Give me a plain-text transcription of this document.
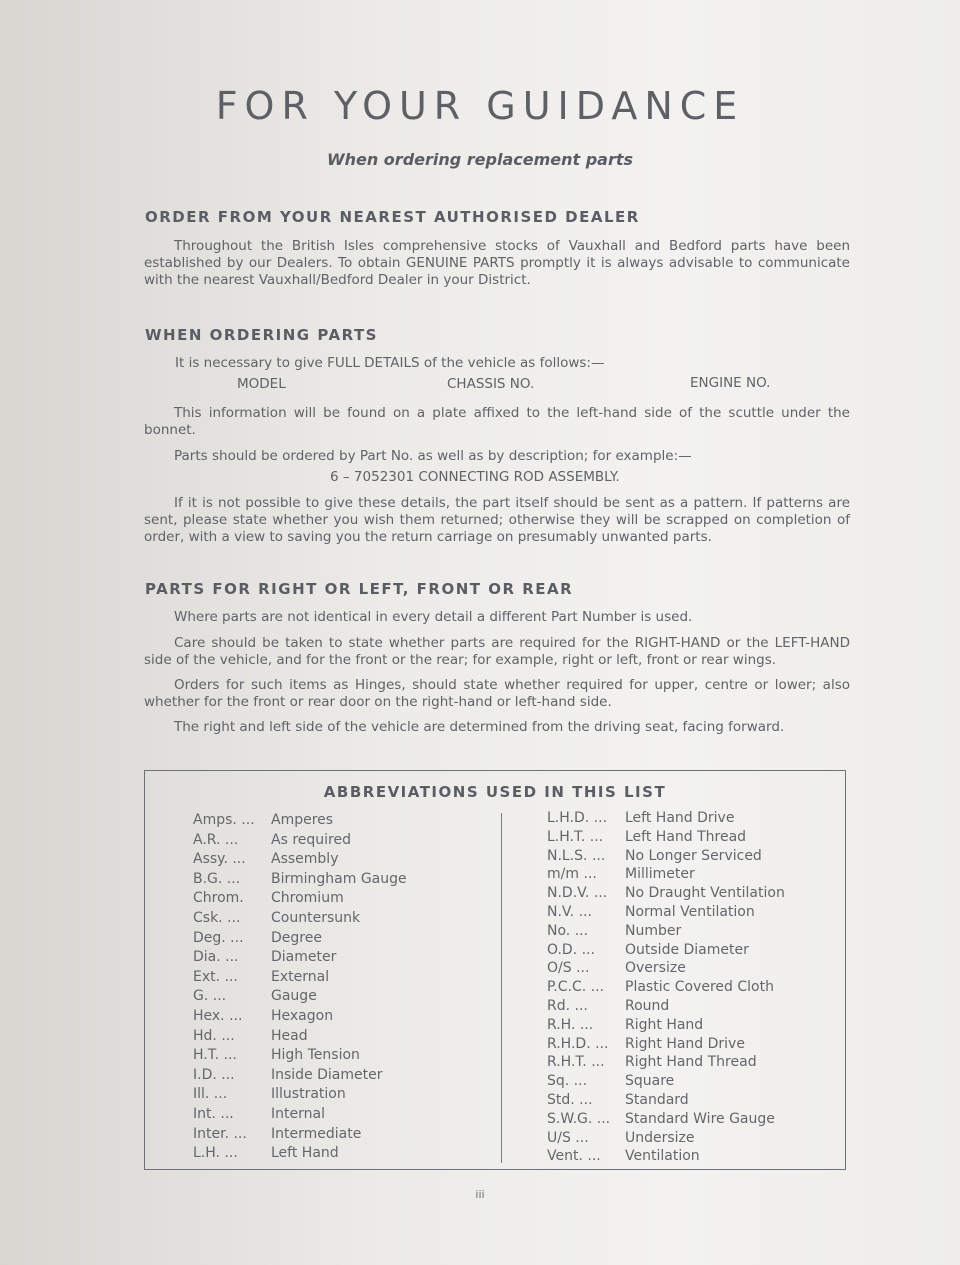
FOR YOUR GUIDANCE
When ordering replacement parts
ORDER FROM YOUR NEAREST AUTHORISED DEALER

Throughout the British Isles comprehensive stocks of Vauxhall and Bedford parts have been established by our Dealers. To obtain GENUINE PARTS promptly it is always advisable to communicate with the nearest Vauxhall/Bedford Dealer in your District.

WHEN ORDERING PARTS

It is necessary to give FULL DETAILS of the vehicle as follows:—

MODEL	CHASSIS NO.	ENGINE NO.

This information will be found on a plate affixed to the left-hand side of the scuttle under the bonnet.

Parts should be ordered by Part No. as well as by description; for example:—

6 – 7052301 CONNECTING ROD ASSEMBLY.

If it is not possible to give these details, the part itself should be sent as a pattern. If patterns are sent, please state whether you wish them returned; otherwise they will be scrapped on completion of order, with a view to saving you the return carriage on presumably unwanted parts.

PARTS FOR RIGHT OR LEFT, FRONT OR REAR

Where parts are not identical in every detail a different Part Number is used.

Care should be taken to state whether parts are required for the RIGHT-HAND or the LEFT-HAND side of the vehicle, and for the front or the rear; for example, right or left, front or rear wings.

Orders for such items as Hinges, should state whether required for upper, centre or lower; also whether for the front or rear door on the right-hand or left-hand side.

The right and left side of the vehicle are determined from the driving seat, facing forward.

ABBREVIATIONS USED IN THIS LIST
Amps. ...	Amperes
A.R. ...	As required
Assy. ...	Assembly
B.G. ...	Birmingham Gauge
Chrom.	Chromium
Csk. ...	Countersunk
Deg. ...	Degree
Dia. ...	Diameter
Ext. ...	External
G. ...	Gauge
Hex. ...	Hexagon
Hd. ...	Head
H.T. ...	High Tension
I.D. ...	Inside Diameter
Ill. ...	Illustration
Int. ...	Internal
Inter. ...	Intermediate
L.H. ...	Left Hand
L.H.D. ...	Left Hand Drive
L.H.T. ...	Left Hand Thread
N.L.S. ...	No Longer Serviced
m/m ...	Millimeter
N.D.V. ...	No Draught Ventilation
N.V. ...	Normal Ventilation
No. ...	Number
O.D. ...	Outside Diameter
O/S ...	Oversize
P.C.C. ...	Plastic Covered Cloth
Rd. ...	Round
R.H. ...	Right Hand
R.H.D. ...	Right Hand Drive
R.H.T. ...	Right Hand Thread
Sq. ...	Square
Std. ...	Standard
S.W.G. ...	Standard Wire Gauge
U/S ...	Undersize
Vent. ...	Ventilation

iii
